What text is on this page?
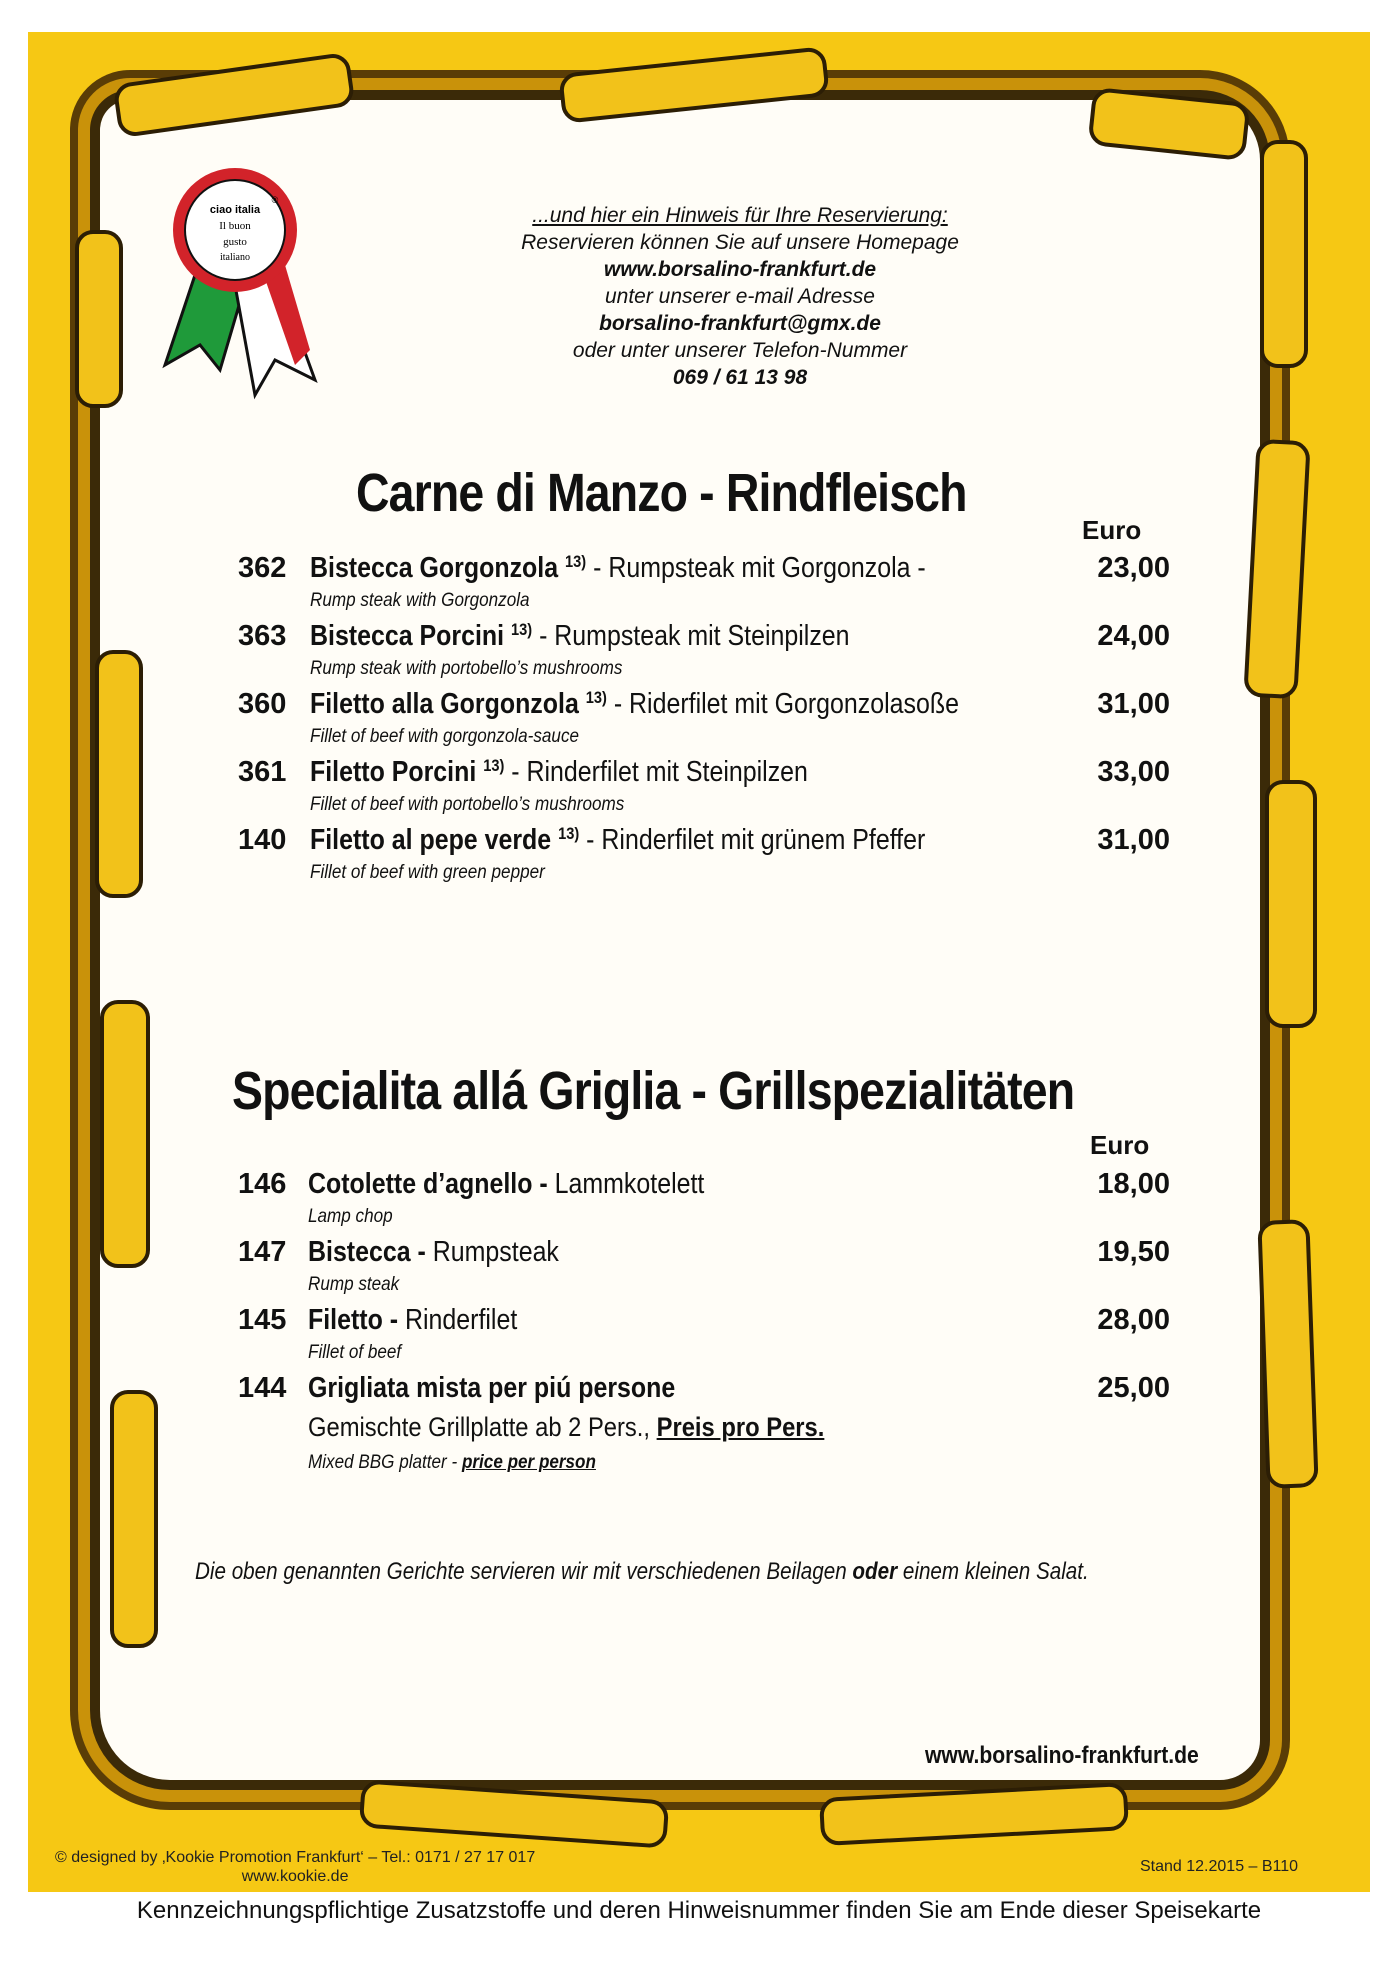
ciao italia
Il buon
gusto
italiano
®
...und hier ein Hinweis für Ihre Reservierung:
Reservieren können Sie auf unsere Homepage
www.borsalino-frankfurt.de
unter unserer e-mail Adresse
borsalino-frankfurt@gmx.de
oder unter unserer Telefon-Nummer
069 / 61 13 98
Carne di Manzo - Rindfleisch
Euro
362 Bistecca Gorgonzola $^{13)}$ - Rumpsteak mit Gorgonzola -	23,00
Rump steak with Gorgonzola
363 Bistecca Porcini $^{13)}$ - Rumpsteak mit Steinpilzen	24,00
Rump steak with portobello’s mushrooms
360 Filetto alla Gorgonzola $^{13)}$ - Riderfilet mit Gorgonzolasoße	31,00
Fillet of beef with gorgonzola-sauce
361 Filetto Porcini $^{13)}$ - Rinderfilet mit Steinpilzen	33,00
Fillet of beef with portobello’s mushrooms
140 Filetto al pepe verde $^{13)}$ - Rinderfilet mit grünem Pfeffer	31,00
Fillet of beef with green pepper
Specialita allá Griglia - Grillspezialitäten
Euro
146 Cotolette d’agnello - Lammkotelett	18,00
Lamp chop
147 Bistecca - Rumpsteak	19,50
Rump steak
145 Filetto - Rinderfilet	28,00
Fillet of beef
144 Grigliata mista per piú persone	25,00
Gemischte Grillplatte ab 2 Pers., Preis pro Pers.
Mixed BBG platter - price per person
Die oben genannten Gerichte servieren wir mit verschiedenen Beilagen oder einem kleinen Salat.
www.borsalino-frankfurt.de
© designed by ‚Kookie Promotion Frankfurt‘ – Tel.: 0171 / 27 17 017
www.kookie.de
Stand 12.2015 – B110
Kennzeichnungspflichtige Zusatzstoffe und deren Hinweisnummer finden Sie am Ende dieser Speisekarte
